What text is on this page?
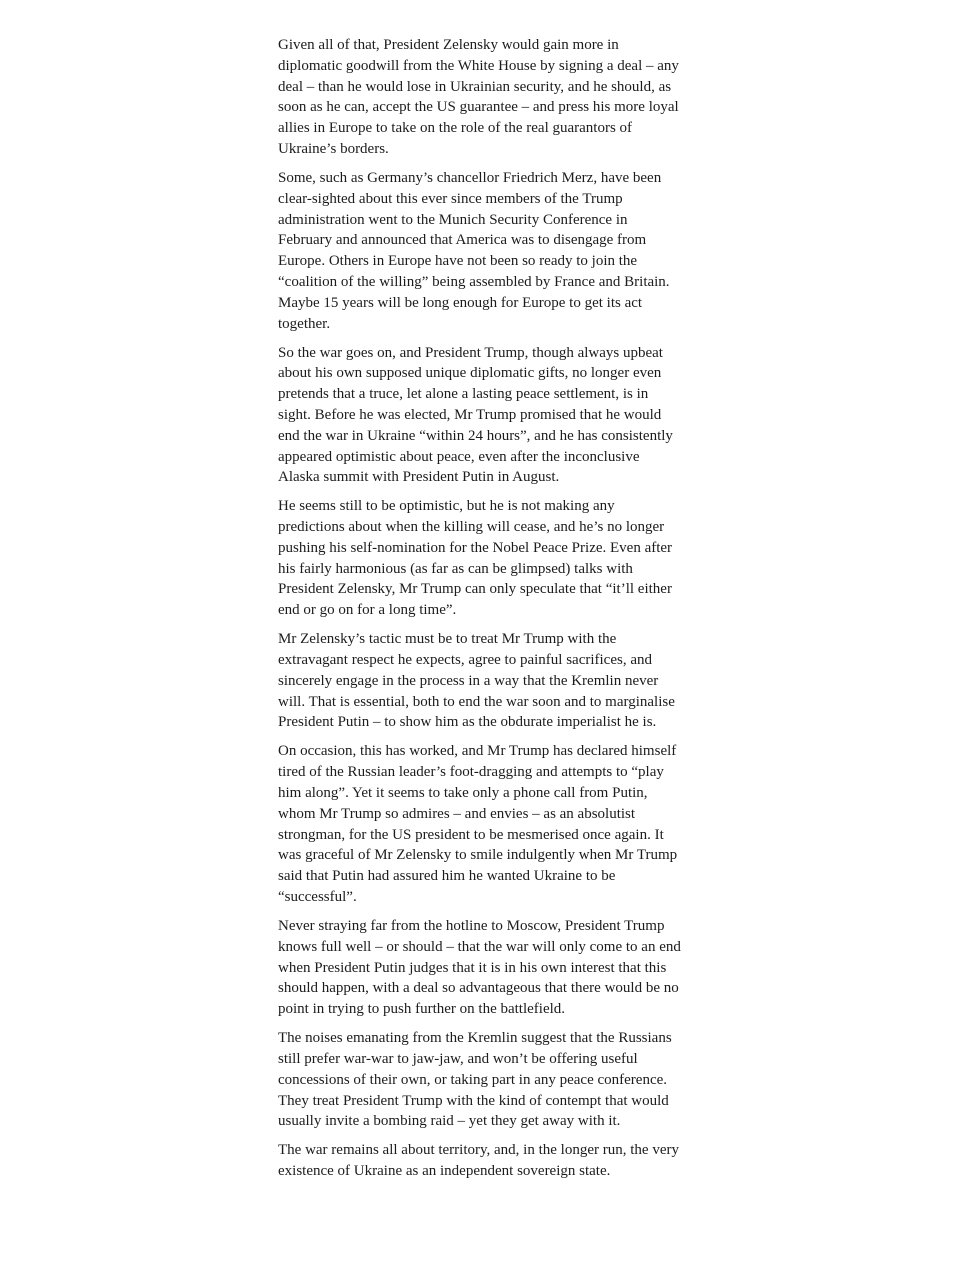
Given all of that, President Zelensky would gain more in diplomatic goodwill from the White House by signing a deal – any deal – than he would lose in Ukrainian security, and he should, as soon as he can, accept the US guarantee – and press his more loyal allies in Europe to take on the role of the real guarantors of Ukraine’s borders.

Some, such as Germany’s chancellor Friedrich Merz, have been clear-sighted about this ever since members of the Trump administration went to the Munich Security Conference in February and announced that America was to disengage from Europe. Others in Europe have not been so ready to join the “coalition of the willing” being assembled by France and Britain. Maybe 15 years will be long enough for Europe to get its act together.

So the war goes on, and President Trump, though always upbeat about his own supposed unique diplomatic gifts, no longer even pretends that a truce, let alone a lasting peace settlement, is in sight. Before he was elected, Mr Trump promised that he would end the war in Ukraine “within 24 hours”, and he has consistently appeared optimistic about peace, even after the inconclusive Alaska summit with President Putin in August.

He seems still to be optimistic, but he is not making any predictions about when the killing will cease, and he’s no longer pushing his self-nomination for the Nobel Peace Prize. Even after his fairly harmonious (as far as can be glimpsed) talks with President Zelensky, Mr Trump can only speculate that “it’ll either end or go on for a long time”.

Mr Zelensky’s tactic must be to treat Mr Trump with the extravagant respect he expects, agree to painful sacrifices, and sincerely engage in the process in a way that the Kremlin never will. That is essential, both to end the war soon and to marginalise President Putin – to show him as the obdurate imperialist he is.

On occasion, this has worked, and Mr Trump has declared himself tired of the Russian leader’s foot-dragging and attempts to “play him along”. Yet it seems to take only a phone call from Putin, whom Mr Trump so admires – and envies – as an absolutist strongman, for the US president to be mesmerised once again. It was graceful of Mr Zelensky to smile indulgently when Mr Trump said that Putin had assured him he wanted Ukraine to be “successful”.

Never straying far from the hotline to Moscow, President Trump knows full well – or should – that the war will only come to an end when President Putin judges that it is in his own interest that this should happen, with a deal so advantageous that there would be no point in trying to push further on the battlefield.

The noises emanating from the Kremlin suggest that the Russians still prefer war-war to jaw-jaw, and won’t be offering useful concessions of their own, or taking part in any peace conference. They treat President Trump with the kind of contempt that would usually invite a bombing raid – yet they get away with it.

The war remains all about territory, and, in the longer run, the very existence of Ukraine as an independent sovereign state.
